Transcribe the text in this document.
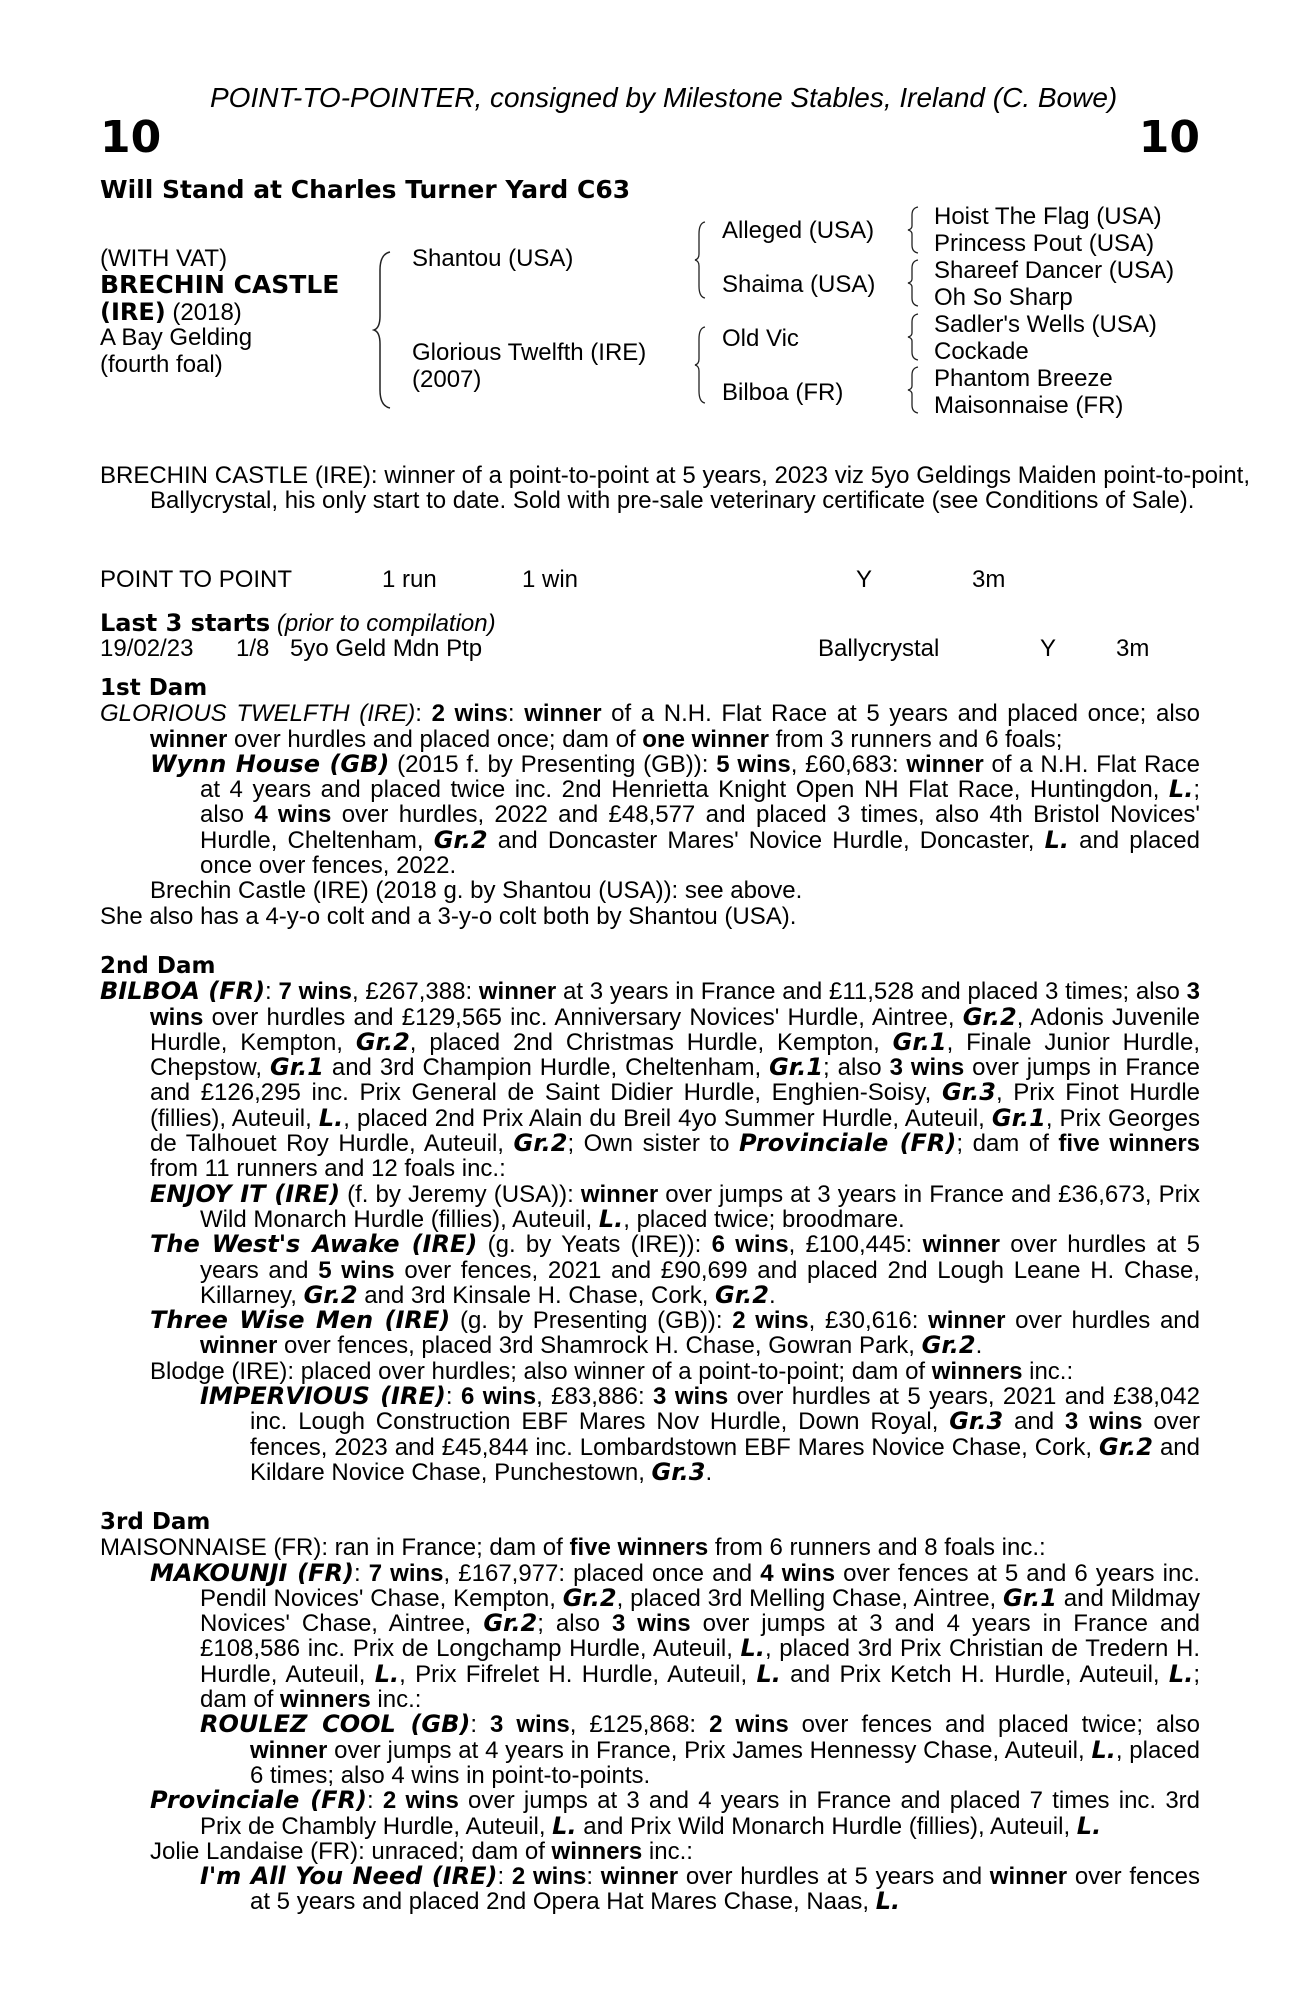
POINT-TO-POINTER, consigned by Milestone Stables, Ireland (C. Bowe)
10	10
Will Stand at Charles Turner Yard C63
(WITH VAT)
BRECHIN CASTLE
(IRE) (2018)
A Bay Gelding
(fourth foal)
Shantou (USA)
Glorious Twelfth (IRE)
(2007)
Alleged (USA)
Shaima (USA)
Old Vic
Bilboa (FR)
Hoist The Flag (USA)
Princess Pout (USA)
Shareef Dancer (USA)
Oh So Sharp
Sadler's Wells (USA)
Cockade
Phantom Breeze
Maisonnaise (FR)
BRECHIN CASTLE (IRE): winner of a point-to-point at 5 years, 2023 viz 5yo Geldings Maiden point-to-point, Ballycrystal, his only start to date. Sold with pre-sale veterinary certificate (see Conditions of Sale).
POINT TO POINT	1 run	1 win	Y	3m
Last 3 starts (prior to compilation)
19/02/23 1/8 5yo Geld Mdn Ptp	Ballycrystal	Y 3m

1st Dam

GLORIOUS TWELFTH (IRE): 2 wins: winner of a N.H. Flat Race at 5 years and placed once; also winner over hurdles and placed once; dam of one winner from 3 runners and 6 foals;

Wynn House (GB) (2015 f. by Presenting (GB)): 5 wins, £60,683: winner of a N.H. Flat Race at 4 years and placed twice inc. 2nd Henrietta Knight Open NH Flat Race, Huntingdon, L.; also 4 wins over hurdles, 2022 and £48,577 and placed 3 times, also 4th Bristol Novices' Hurdle, Cheltenham, Gr.2 and Doncaster Mares' Novice Hurdle, Doncaster, L. and placed once over fences, 2022.

Brechin Castle (IRE) (2018 g. by Shantou (USA)): see above.

She also has a 4-y-o colt and a 3-y-o colt both by Shantou (USA).

2nd Dam

BILBOA (FR): 7 wins, £267,388: winner at 3 years in France and £11,528 and placed 3 times; also 3 wins over hurdles and £129,565 inc. Anniversary Novices' Hurdle, Aintree, Gr.2, Adonis Juvenile Hurdle, Kempton, Gr.2, placed 2nd Christmas Hurdle, Kempton, Gr.1, Finale Junior Hurdle, Chepstow, Gr.1 and 3rd Champion Hurdle, Cheltenham, Gr.1; also 3 wins over jumps in France and £126,295 inc. Prix General de Saint Didier Hurdle, Enghien-Soisy, Gr.3, Prix Finot Hurdle (fillies), Auteuil, L., placed 2nd Prix Alain du Breil 4yo Summer Hurdle, Auteuil, Gr.1, Prix Georges de Talhouet Roy Hurdle, Auteuil, Gr.2; Own sister to Provinciale (FR); dam of five winners from 11 runners and 12 foals inc.:

ENJOY IT (IRE) (f. by Jeremy (USA)): winner over jumps at 3 years in France and £36,673, Prix Wild Monarch Hurdle (fillies), Auteuil, L., placed twice; broodmare.

The West's Awake (IRE) (g. by Yeats (IRE)): 6 wins, £100,445: winner over hurdles at 5 years and 5 wins over fences, 2021 and £90,699 and placed 2nd Lough Leane H. Chase, Killarney, Gr.2 and 3rd Kinsale H. Chase, Cork, Gr.2.

Three Wise Men (IRE) (g. by Presenting (GB)): 2 wins, £30,616: winner over hurdles and winner over fences, placed 3rd Shamrock H. Chase, Gowran Park, Gr.2.

Blodge (IRE): placed over hurdles; also winner of a point-to-point; dam of winners inc.:

IMPERVIOUS (IRE): 6 wins, £83,886: 3 wins over hurdles at 5 years, 2021 and £38,042 inc. Lough Construction EBF Mares Nov Hurdle, Down Royal, Gr.3 and 3 wins over fences, 2023 and £45,844 inc. Lombardstown EBF Mares Novice Chase, Cork, Gr.2 and Kildare Novice Chase, Punchestown, Gr.3.

3rd Dam

MAISONNAISE (FR): ran in France; dam of five winners from 6 runners and 8 foals inc.:

MAKOUNJI (FR): 7 wins, £167,977: placed once and 4 wins over fences at 5 and 6 years inc. Pendil Novices' Chase, Kempton, Gr.2, placed 3rd Melling Chase, Aintree, Gr.1 and Mildmay Novices' Chase, Aintree, Gr.2; also 3 wins over jumps at 3 and 4 years in France and £108,586 inc. Prix de Longchamp Hurdle, Auteuil, L., placed 3rd Prix Christian de Tredern H. Hurdle, Auteuil, L., Prix Fifrelet H. Hurdle, Auteuil, L. and Prix Ketch H. Hurdle, Auteuil, L.; dam of winners inc.:

ROULEZ COOL (GB): 3 wins, £125,868: 2 wins over fences and placed twice; also winner over jumps at 4 years in France, Prix James Hennessy Chase, Auteuil, L., placed 6 times; also 4 wins in point-to-points.

Provinciale (FR): 2 wins over jumps at 3 and 4 years in France and placed 7 times inc. 3rd Prix de Chambly Hurdle, Auteuil, L. and Prix Wild Monarch Hurdle (fillies), Auteuil, L.

Jolie Landaise (FR): unraced; dam of winners inc.:

I'm All You Need (IRE): 2 wins: winner over hurdles at 5 years and winner over fences at 5 years and placed 2nd Opera Hat Mares Chase, Naas, L.
